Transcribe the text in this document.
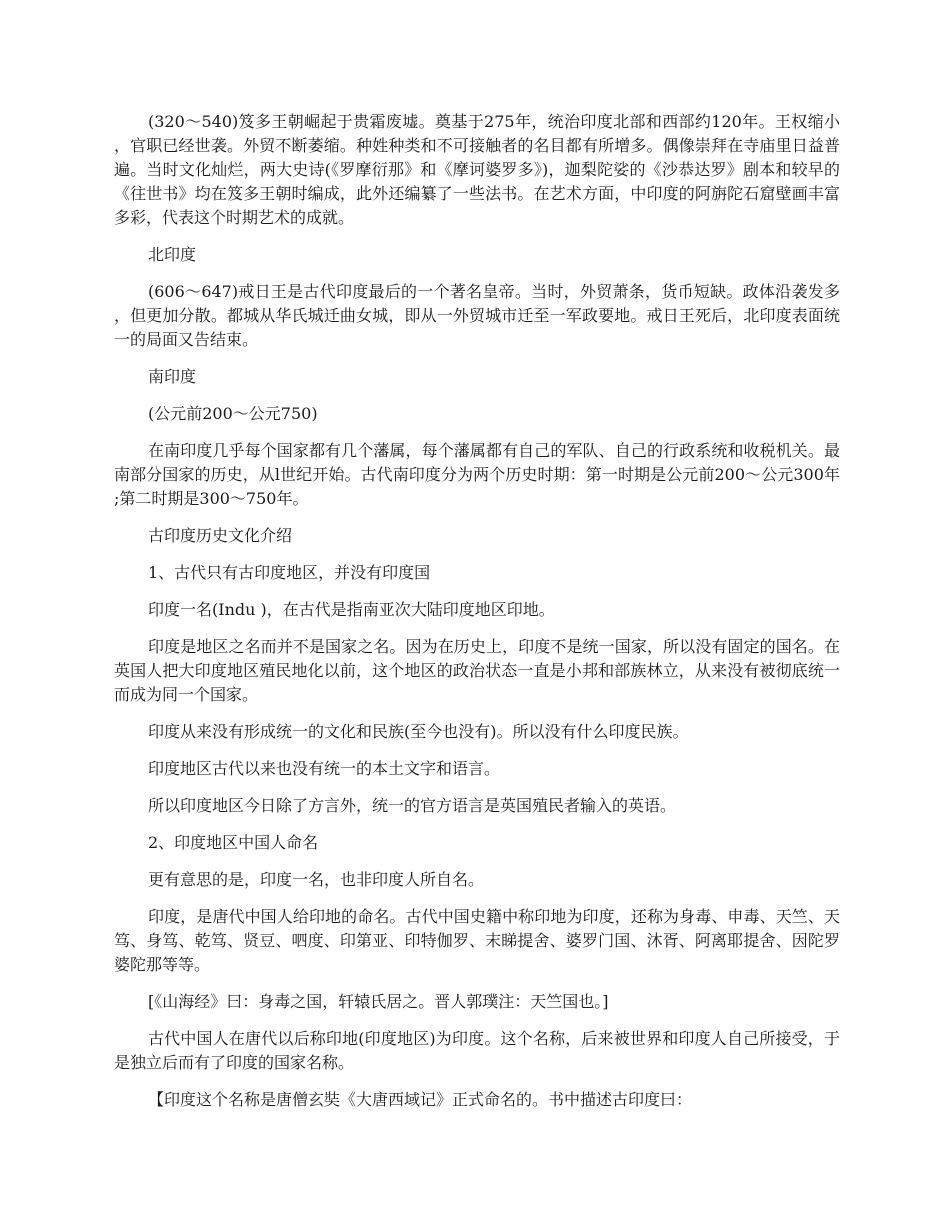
(320～540)笈多王朝崛起于贵霜废墟。奠基于275年，统治印度北部和西部约120年。王权缩小，官职已经世袭。外贸不断萎缩。种姓种类和不可接触者的名目都有所增多。偶像崇拜在寺庙里日益普遍。当时文化灿烂，两大史诗(《罗摩衍那》和《摩诃婆罗多》)，迦梨陀娑的《沙恭达罗》剧本和较早的《往世书》均在笈多王朝时编成，此外还编纂了一些法书。在艺术方面，中印度的阿旃陀石窟壁画丰富多彩，代表这个时期艺术的成就。

北印度

(606～647)戒日王是古代印度最后的一个著名皇帝。当时，外贸萧条，货币短缺。政体沿袭发多，但更加分散。都城从华氏城迁曲女城，即从一外贸城市迁至一军政要地。戒日王死后，北印度表面统一的局面又告结束。

南印度

(公元前200～公元750)

在南印度几乎每个国家都有几个藩属，每个藩属都有自己的军队、自己的行政系统和收税机关。最南部分国家的历史，从l世纪开始。古代南印度分为两个历史时期：第一时期是公元前200～公元300年;第二时期是300～750年。

古印度历史文化介绍

1、古代只有古印度地区，并没有印度国

印度一名(Indu )，在古代是指南亚次大陆印度地区印地。

印度是地区之名而并不是国家之名。因为在历史上，印度不是统一国家，所以没有固定的国名。在英国人把大印度地区殖民地化以前，这个地区的政治状态一直是小邦和部族林立，从来没有被彻底统一而成为同一个国家。

印度从来没有形成统一的文化和民族(至今也没有)。所以没有什么印度民族。

印度地区古代以来也没有统一的本土文字和语言。

所以印度地区今日除了方言外，统一的官方语言是英国殖民者输入的英语。

2、印度地区中国人命名

更有意思的是，印度一名，也非印度人所自名。

印度，是唐代中国人给印地的命名。古代中国史籍中称印地为印度，还称为身毒、申毒、天竺、天笃、身笃、乾笃、贤豆、呬度、印第亚、印特伽罗、末睇提舍、婆罗门国、沐胥、阿离耶提舍、因陀罗婆陀那等等。

[《山海经》曰：身毒之国，轩辕氏居之。晋人郭璞注：天竺国也。]

古代中国人在唐代以后称印地(印度地区)为印度。这个名称，后来被世界和印度人自己所接受，于是独立后而有了印度的国家名称。

【印度这个名称是唐僧玄奘《大唐西域记》正式命名的。书中描述古印度曰：
